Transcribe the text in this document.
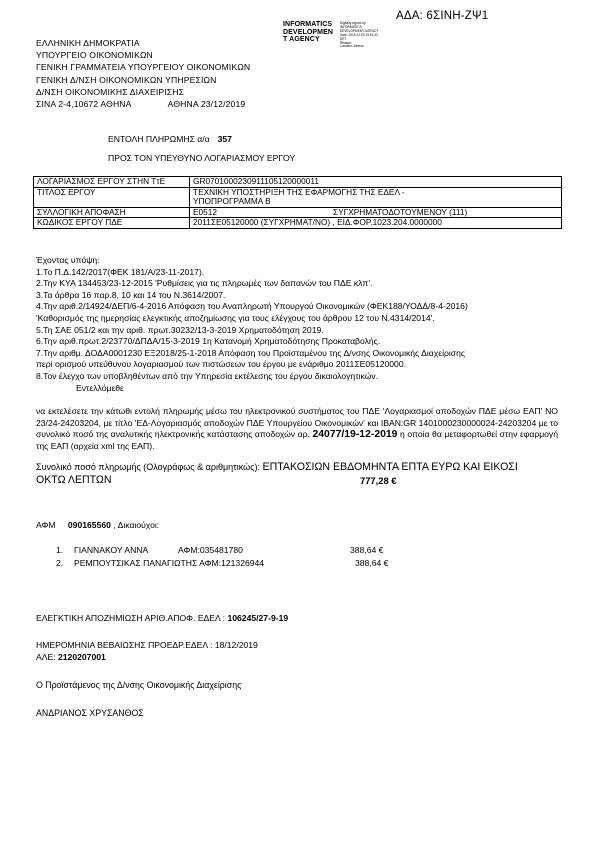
ΑΔΑ: 6ΣΙΝΗ-ΖΨ1
INFORMATICS
DEVELOPMEN
T AGENCY
Digitally signed by
INFORMATICS
DEVELOPMENT AGENCY
Date: 2019.12.23 13:19:33
EET
Reason:
Location: Athens
ΕΛΛΗΝΙΚΗ ΔΗΜΟΚΡΑΤΙΑ
ΥΠΟΥΡΓΕΙΟ ΟΙΚΟΝΟΜΙΚΩΝ
ΓΕΝΙΚΗ ΓΡΑΜΜΑΤΕΙΑ ΥΠΟΥΡΓΕΙΟΥ ΟΙΚΟΝΟΜΙΚΩΝ
ΓΕΝΙΚΗ Δ/ΝΣΗ ΟΙΚΟΝΟΜΙΚΩΝ ΥΠΗΡΕΣΙΩΝ
Δ/ΝΣΗ ΟΙΚΟΝΟΜΙΚΗΣ ΔΙΑΧΕΙΡΙΣΗΣ
ΣΙΝΑ 2-4,10672 ΑΘΗΝΑ	ΑΘΗΝΑ 23/12/2019
ΕΝΤΟΛΗ ΠΛΗΡΩΜΗΣ α/α 357
ΠΡΟΣ ΤΟΝ ΥΠΕΥΘΥΝΟ ΛΟΓΑΡΙΑΣΜΟΥ ΕΡΓΟΥ
ΛΟΓΑΡΙΑΣΜΟΣ ΕΡΓΟΥ ΣΤΗΝ ΤτΕ	GR0701000230911105120000011
ΤΙΤΛΟΣ ΕΡΓΟΥ	ΤΕΧΝΙΚΗ ΥΠΟΣΤΗΡΙΞΗ ΤΗΣ ΕΦΑΡΜΟΓΗΣ ΤΗΣ ΕΔΕΛ -
	ΥΠΟΠΡΟΓΡΑΜΜΑ Β
ΣΥΛΛΟΓΙΚΗ ΑΠΟΦΑΣΗ	Ε0512 ΣΥΓΧΡΗΜΑΤΟΔΟΤΟΥΜΕΝΟΥ (111)
ΚΩΔΙΚΟΣ ΕΡΓΟΥ ΠΔΕ	2011ΣΕ05120000 (ΣΥΓΧΡΗΜΑΤ/ΝΟ) , ΕΙΔ.ΦΟΡ.1023.204.0000000
Έχοντας υπόψη:
1.Το Π.Δ.142/2017(ΦΕΚ 181/Α/23-11-2017).
2.Την ΚΥΑ 134453/23-12-2015 'Ρυθμίσεις για τις πληρωμές των δαπανών του ΠΔΕ κλπ'.
3.Τα άρθρα 16 παρ.8, 10 και 14 του Ν.3614/2007.
4.Την αριθ.2/14924/ΔΕΠ/6-4-2016 Απόφαση του Αναπληρωτή Υπουργού Οικονομικών (ΦΕΚ188/ΥΟΔΔ/8-4-2016)
'Καθορισμός της ημερησίας ελεγκτικής αποζημίωσης για τους ελέγχους του άρθρου 12 του Ν.4314/2014'.
5.Τη ΣΑΕ 051/2 και την αριθ. πρωτ.30232/13-3-2019 Χρηματοδότηση 2019.
6.Την αριθ.πρωτ.2/23770/ΔΠΔΑ/15-3-2019 1η Κατανομή Χρηματοδότησης Προκαταβολής.
7.Την αριθμ. ΔΟΔΑ0001230 ΕΞ2018/25-1-2018 Απόφαση του Προϊσταμένου της Δ/νσης Οικονομικής Διαχείρισης
περί ορισμού υπεύθυνου λογαριασμού των πιστώσεων του έργου με ενάριθμο 2011ΣΕ05120000.
8.Τον έλεγχο των υποβληθέντων από την Υπηρεσία εκτέλεσης του έργου δικαιολογητικών.
Εντελλόμεθε
να εκτελέσετε την κάτωθι εντολή πληρωμής μέσω του ηλεκτρονικού συστήματος του ΠΔΕ 'Λογαριασμοί αποδοχών ΠΔΕ μέσω ΕΑΠ' ΝΟ 23/24-24203204, με τίτλο 'ΕΔ-Λογαριασμός αποδοχών ΠΔΕ Υπουργείου Οικονομικών' και IBAN:GR 1401000230000024-24203204 με το συνολικό ποσό της αναλυτικής ηλεκτρονικής κατάστασης αποδοχών αρ. 24077/19-12-2019 η οποία θα μεταφορτωθεί στην εφαρμογή της ΕΑΠ (αρχεία xml της ΕΑΠ).
Συνολικό ποσό πληρωμής (Ολογράφως & αριθμητικώς): ΕΠΤΑΚΟΣΙΩΝ ΕΒΔΟΜΗΝΤΑ ΕΠΤΑ ΕΥΡΩ ΚΑΙ ΕΙΚΟΣΙ
ΟΚΤΩ ΛΕΠΤΩΝ	777,28 €
ΑΦΜ 090165560 , Δικαιούχοι:
1. ΓΙΑΝΝΑΚΟΥ ΑΝΝΑ	ΑΦΜ:035481780	388,64 €
2. ΡΕΜΠΟΥΤΣΙΚΑΣ ΠΑΝΑΓΙΩΤΗΣ ΑΦΜ:121326944	388,64 €
ΕΛΕΓΚΤΙΚΗ ΑΠΟΖΗΜΙΩΣΗ ΑΡΙΘ.ΑΠΟΦ. ΕΔΕΛ : 106245/27-9-19
ΗΜΕΡΟΜΗΝΙΑ ΒΕΒΑΙΩΣΗΣ ΠΡΟΕΔΡ.ΕΔΕΛ : 18/12/2019
ΑΛΕ: 2120207001
Ο Προϊστάμενος της Δ/νσης Οικονομικής Διαχείρισης
ΑΝΔΡΙΑΝΟΣ ΧΡΥΣΑΝΘΟΣ
